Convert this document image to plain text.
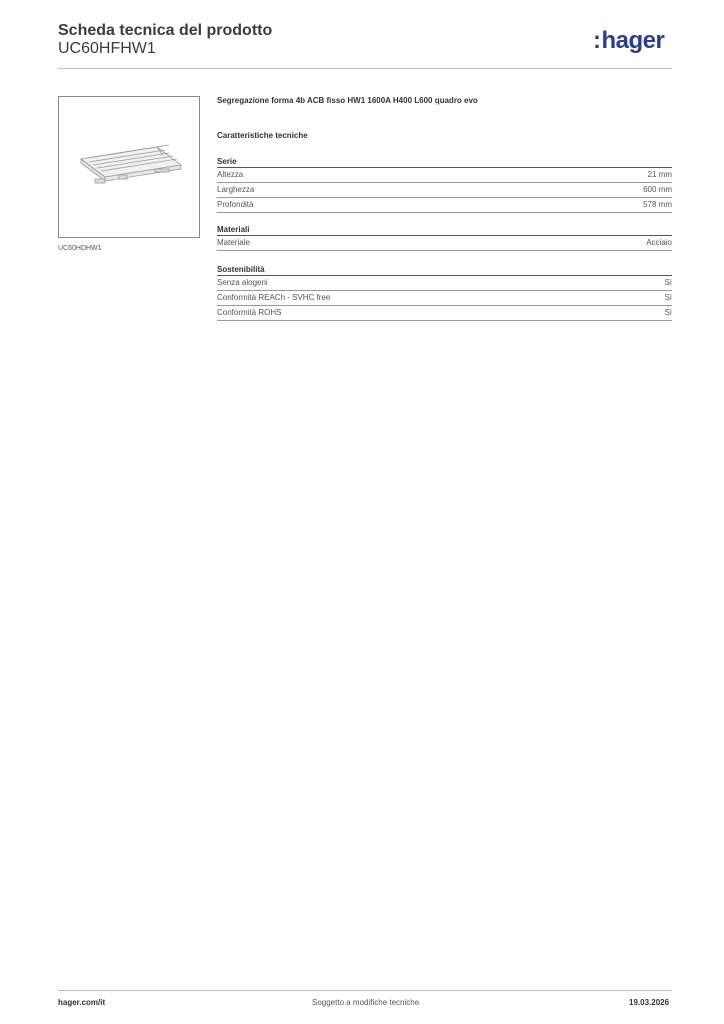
Scheda tecnica del prodotto
UC60HFHW1	:hager
UC60HDHW1
Segregazione forma 4b ACB fisso HW1 1600A H400 L600 quadro evo
Caratteristiche tecniche
Serie
Altezza	21 mm
Larghezza	600 mm
Profondità	578 mm
Materiali
Materiale	Acciaio
Sostenibilità
Senza alogeni	Sì
Conformità REACh - SVHC free	Sì
Conformità ROHS	Sì
hager.com/it	Soggetto a modifiche tecniche	19.03.2026
